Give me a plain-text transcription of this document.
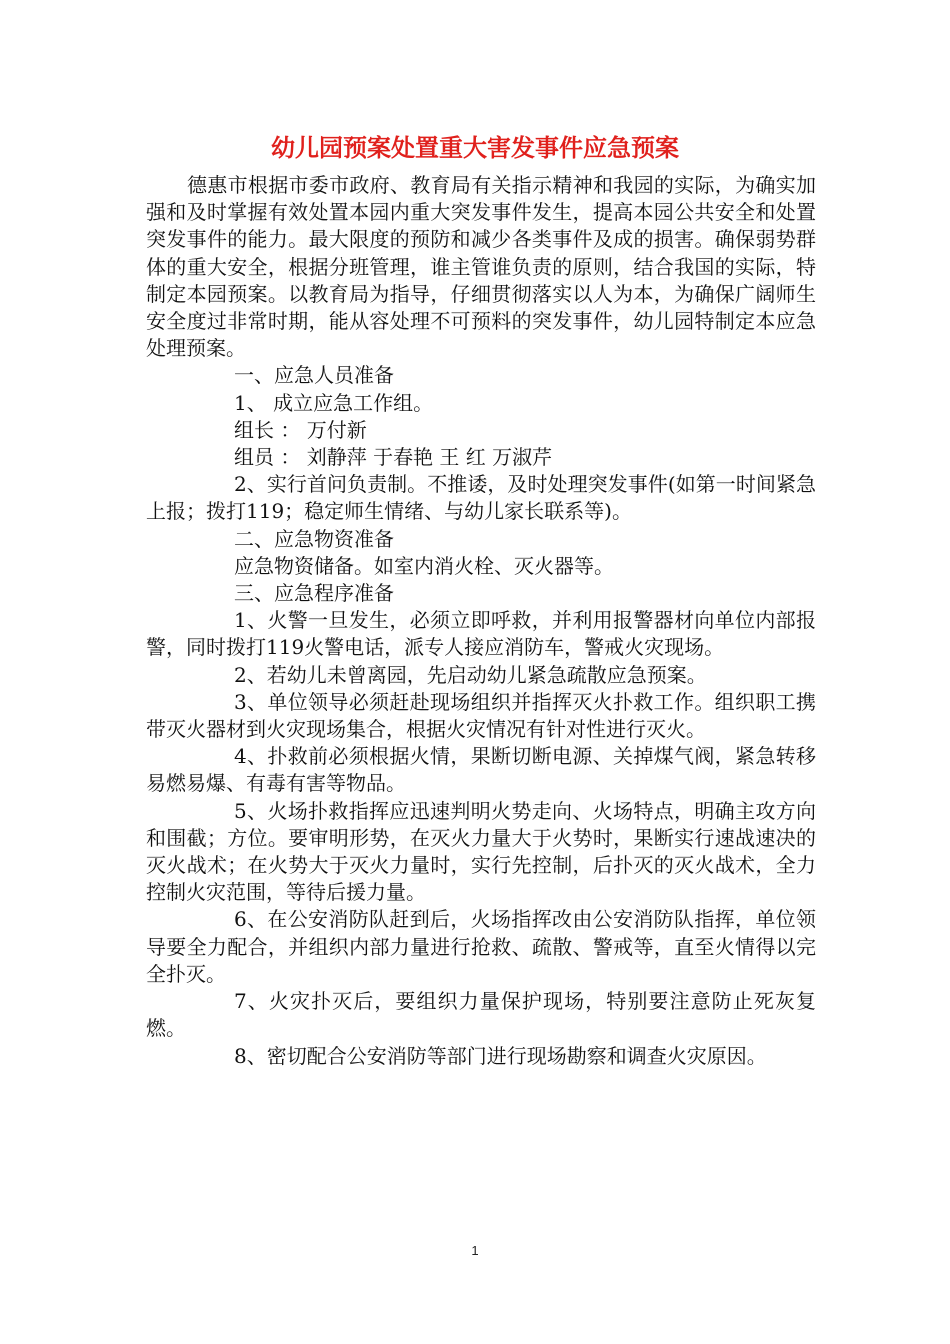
幼儿园预案处置重大害发事件应急预案

德惠市根据市委市政府、教育局有关指示精神和我园的实际，为确实加强和及时掌握有效处置本园内重大突发事件发生，提高本园公共安全和处置突发事件的能力。最大限度的预防和减少各类事件及成的损害。确保弱势群体的重大安全，根据分班管理，谁主管谁负责的原则，结合我国的实际，特制定本园预案。以教育局为指导，仔细贯彻落实以人为本，为确保广阔师生安全度过非常时期，能从容处理不可预料的突发事件，幼儿园特制定本应急处理预案。

一、应急人员准备

1、 成立应急工作组。

组长 ： 万付新

组员 ： 刘静萍 于春艳 王 红 万淑芹

2、实行首问负责制。不推诿，及时处理突发事件(如第一时间紧急上报；拨打119；稳定师生情绪、与幼儿家长联系等)。

二、应急物资准备

应急物资储备。如室内消火栓、灭火器等。

三、应急程序准备

1、火警一旦发生，必须立即呼救，并利用报警器材向单位内部报警，同时拨打119火警电话，派专人接应消防车，警戒火灾现场。

2、若幼儿未曾离园，先启动幼儿紧急疏散应急预案。

3、单位领导必须赶赴现场组织并指挥灭火扑救工作。组织职工携带灭火器材到火灾现场集合，根据火灾情况有针对性进行灭火。

4、扑救前必须根据火情，果断切断电源、关掉煤气阀，紧急转移易燃易爆、有毒有害等物品。

5、火场扑救指挥应迅速判明火势走向、火场特点，明确主攻方向和围截；方位。要审明形势，在灭火力量大于火势时，果断实行速战速决的灭火战术；在火势大于灭火力量时，实行先控制，后扑灭的灭火战术，全力控制火灾范围，等待后援力量。

6、在公安消防队赶到后，火场指挥改由公安消防队指挥，单位领导要全力配合，并组织内部力量进行抢救、疏散、警戒等，直至火情得以完全扑灭。

7、火灾扑灭后，要组织力量保护现场，特别要注意防止死灰复燃。

8、密切配合公安消防等部门进行现场勘察和调查火灾原因。

1
